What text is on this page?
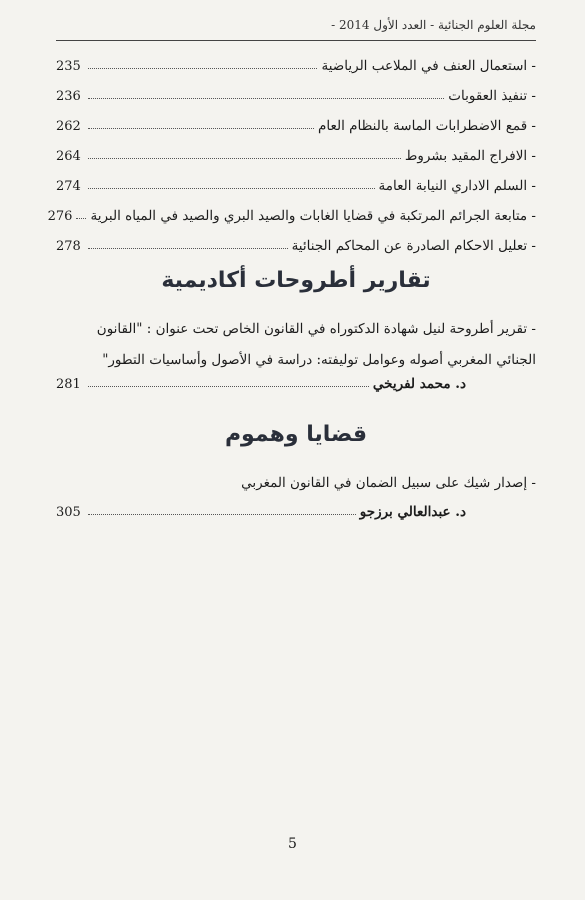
مجلة العلوم الجنائية - العدد الأول 2014 -
- استعمال العنف في الملاعب الرياضية
235
- تنفيذ العقوبات
236
- قمع الاضطرابات الماسة بالنظام العام
262
- الافراج المقيد بشروط
264
- السلم الاداري النيابة العامة
274
- متابعة الجرائم المرتكبة في قضايا الغابات والصيد البري والصيد في المياه البرية
276
- تعليل الاحكام الصادرة عن المحاكم الجنائية
278
تقارير أطروحات أكاديمية
- تقرير أطروحة لنيل شهادة الدكتوراه في القانون الخاص تحت عنوان : "القانون الجنائي المغربي أصوله وعوامل توليفته: دراسة في الأصول وأساسيات التطور"
د. محمد لفريخي
281
قضايا وهموم
- إصدار شيك على سبيل الضمان في القانون المغربي
د. عبدالعالي برزجو
305
5
